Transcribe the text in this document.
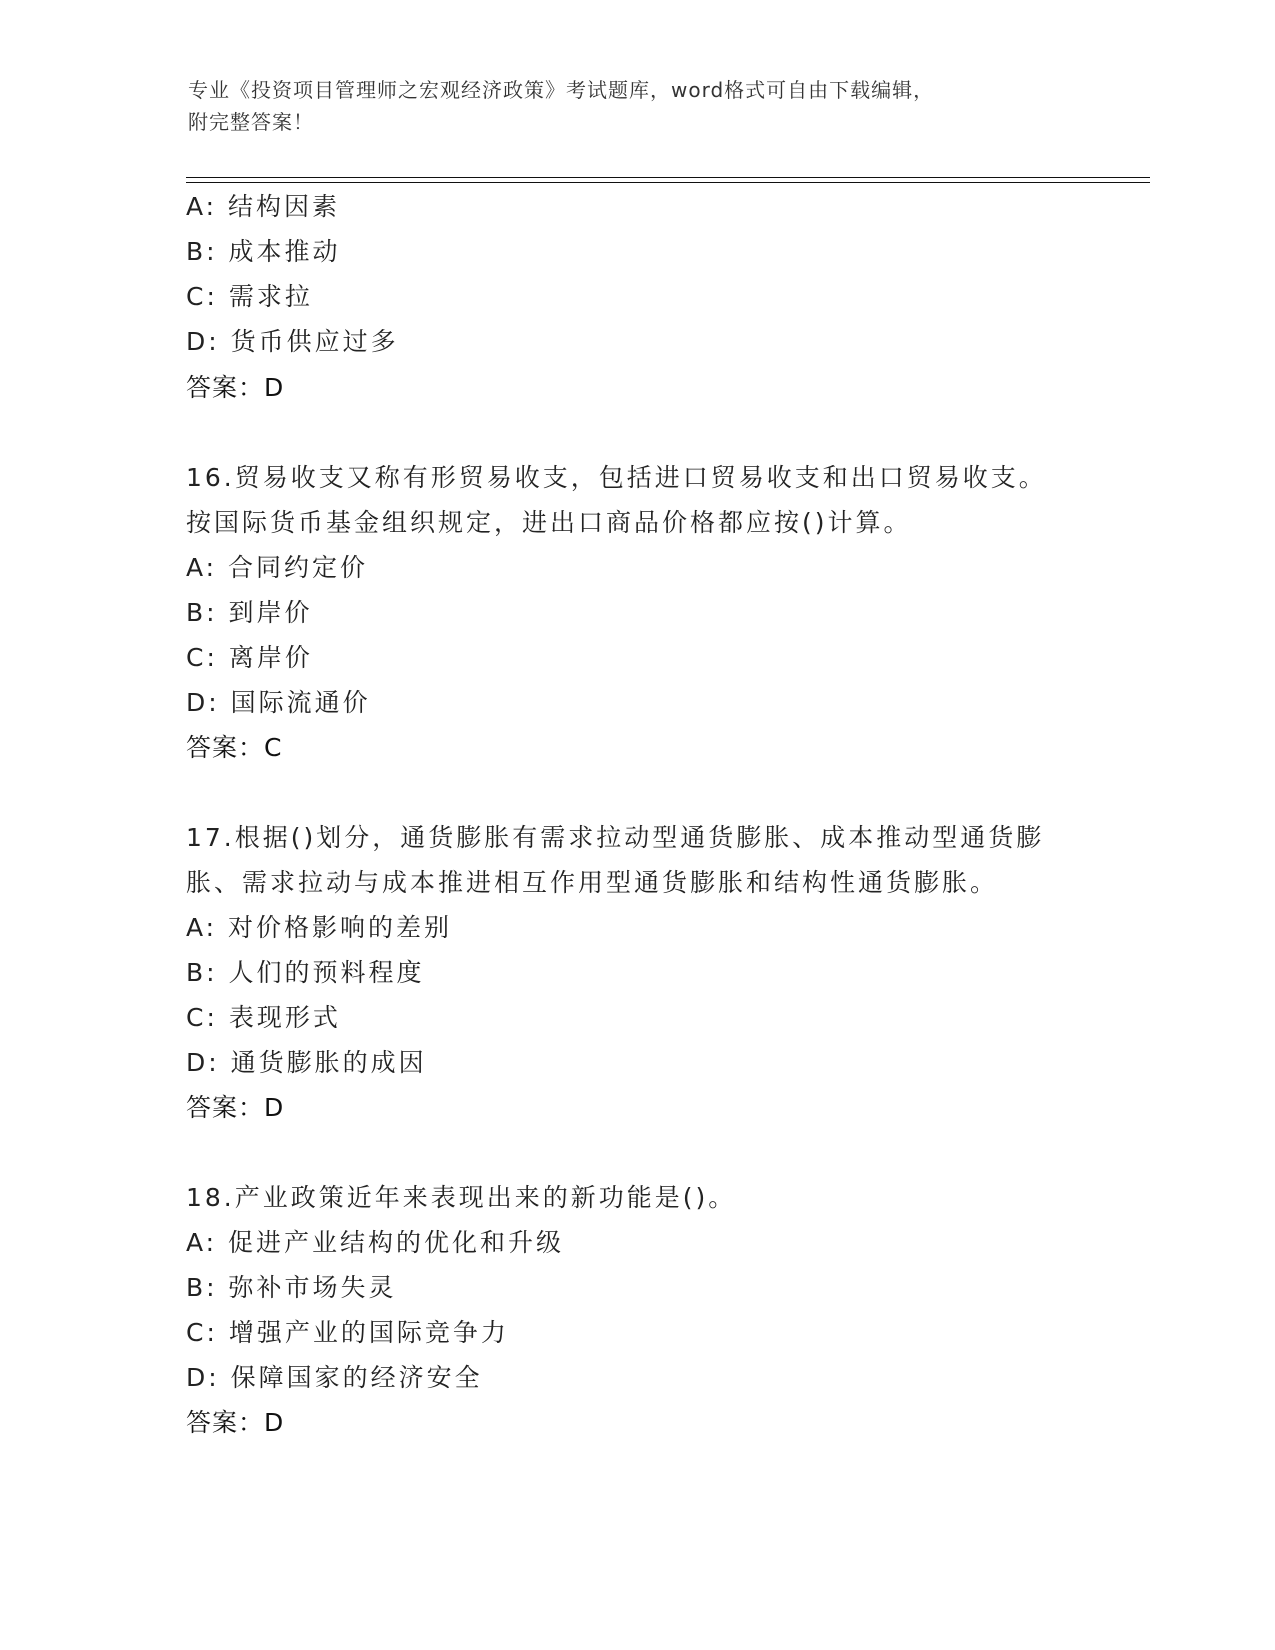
专业《投资项目管理师之宏观经济政策》考试题库，word格式可自由下载编辑，
附完整答案！
A: 结构因素
B: 成本推动
C: 需求拉
D: 货币供应过多
答案：D
16.贸易收支又称有形贸易收支，包括进口贸易收支和出口贸易收支。
按国际货币基金组织规定，进出口商品价格都应按()计算。
A: 合同约定价
B: 到岸价
C: 离岸价
D: 国际流通价
答案：C
17.根据()划分，通货膨胀有需求拉动型通货膨胀、成本推动型通货膨
胀、需求拉动与成本推进相互作用型通货膨胀和结构性通货膨胀。
A: 对价格影响的差别
B: 人们的预料程度
C: 表现形式
D: 通货膨胀的成因
答案：D
18.产业政策近年来表现出来的新功能是()。
A: 促进产业结构的优化和升级
B: 弥补市场失灵
C: 增强产业的国际竞争力
D: 保障国家的经济安全
答案：D
